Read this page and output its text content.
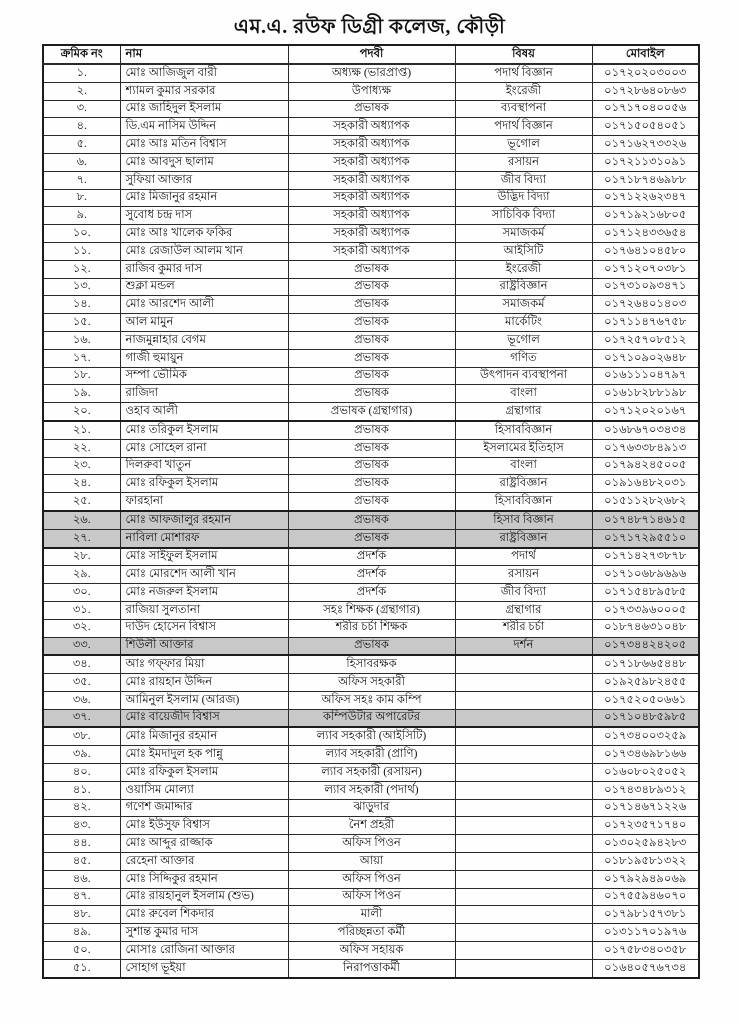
এম.এ. রউফ ডিগ্রী কলেজ, কৌড়ী
ক্রমিক নং	নাম	পদবী	বিষয়	মোবাইল
১.	মোঃ আজিজুল বারী	অধ্যক্ষ (ভারপ্রাপ্ত)	পদার্থ বিজ্ঞান	০১৭২০২০৩০০৩
২.	শ্যামল কুমার সরকার	উপাধ্যক্ষ	ইংরেজী	০১৭২৮৬৪০৮৬৩
৩.	মোঃ জাহিদুল ইসলাম	প্রভাষক	ব্যবস্থাপনা	০১৭১৭০৪০০৫৬
৪.	ডি.এম নাসিম উদ্দিন	সহকারী অধ্যাপক	পদার্থ বিজ্ঞান	০১৭১৫০৫৪০৫১
৫.	মোঃ আঃ মতিন বিশ্বাস	সহকারী অধ্যাপক	ভূগোল	০১৭১৬২৭৩৩২৬
৬.	মোঃ আবদুস ছালাম	সহকারী অধ্যাপক	রসায়ন	০১৭২১১৩১০৯১
৭.	সুফিয়া আক্তার	সহকারী অধ্যাপক	জীব বিদ্যা	০১৭১৮৭৪৬৯৮৮
৮.	মোঃ মিজানুর রহমান	সহকারী অধ্যাপক	উদ্ভিদ বিদ্যা	০১৭১২২৬২৩৪৭
৯.	সুবোধ চন্দ্র দাস	সহকারী অধ্যাপক	সাচিবিক বিদ্যা	০১৭১৯২১৬৮০৫
১০.	মোঃ আঃ খালেক ফকির	সহকারী অধ্যাপক	সমাজকর্ম	০১৭১২৪৩৩৬৫৪
১১.	মোঃ রেজাউল আলম খান	সহকারী অধ্যাপক	আইসিটি	০১৭৬৪১০৪৫৮০
১২.	রাজিব কুমার দাস	প্রভাষক	ইংরেজী	০১৭১২০৭০৩৮১
১৩.	শুক্লা মন্ডল	প্রভাষক	রাষ্ট্রবিজ্ঞান	০১৭৩১০৯৩৪৭১
১৪.	মোঃ আরশেদ আলী	প্রভাষক	সমাজকর্ম	০১৭২৬৪০১৪০৩
১৫.	আল মামুন	প্রভাষক	মার্কেটিং	০১৭১১৪৭৬৭৫৮
১৬.	নাজমুন্নাহার বেগম	প্রভাষক	ভূগোল	০১৭২৫৭০৮৫১২
১৭.	গাজী হুমায়ুন	প্রভাষক	গণিত	০১৭১০৯০২৬৪৮
১৮.	সম্পা ভৌমিক	প্রভাষক	উৎপাদন ব্যবস্থাপনা	০১৬১১১০৪৭৯৭
১৯.	রাজিদা	প্রভাষক	বাংলা	০১৬১৮২৮৮১৯৮
২০.	ওহাব আলী	প্রভাষক (গ্রন্থাগার)	গ্রন্থাগার	০১৭১২০২০১৬৭
২১.	মোঃ তরিকুল ইসলাম	প্রভাষক	হিসাববিজ্ঞান	০১৬৮৬৭০৩৪৩৪
২২.	মোঃ সোহেল রানা	প্রভাষক	ইসলামের ইতিহাস	০১৭৬৩৩৮৪৯১৩
২৩.	দিলরুবা খাতুন	প্রভাষক	বাংলা	০১৭৯৪২৪৫০০৫
২৪.	মোঃ রফিকুল ইসলাম	প্রভাষক	রাষ্ট্রবিজ্ঞান	০১৯১৬৪৮২০৩১
২৫.	ফারহানা	প্রভাষক	হিসাববিজ্ঞান	০১৫১১২৮২৬৮২
২৬.	মোঃ আফজালুর রহমান	প্রভাষক	হিসাব বিজ্ঞান	০১৭৪৮৭১৪৬১৫
২৭.	নাবিলা মোশারফ	প্রভাষক	রাষ্ট্রবিজ্ঞান	০১৭১৭২৯৫৫১০
২৮.	মোঃ সাইফুল ইসলাম	প্রদর্শক	পদার্থ	০১৭১৪২৭৩৮৭৮
২৯.	মোঃ মোরশেদ আলী খান	প্রদর্শক	রসায়ন	০১৭১০৬৮৯৬৯৬
৩০.	মোঃ নজরুল ইসলাম	প্রদর্শক	জীব বিদ্যা	০১৭১৫৪৮৯৫৮৫
৩১.	রাজিয়া সুলতানা	সহঃ শিক্ষক (গ্রন্থাগার)	গ্রন্থাগার	০১৭৩৩৯৬০০০৫
৩২.	দাউদ হোসেন বিশ্বাস	শরীর চর্চা শিক্ষক	শরীর চর্চা	০১৮৭৪৬৩১০৪৮
৩৩.	শিউলী আক্তার	প্রভাষক	দর্শন	০১৭৩৪৪২৪২০৫
৩৪.	আঃ গফ্ফার মিয়া	হিসাবরক্ষক		০১৭১৮৬৬৫৪৪৮
৩৫.	মোঃ রায়হান উদ্দিন	অফিস সহকারী		০১৯২৫৯৮২৪৫৫
৩৬.	আমিনুল ইসলাম (আরজ)	অফিস সহঃ কাম কম্পি		০১৭৫২০৫০৬৬১
৩৭.	মোঃ বায়েজীদ বিশ্বাস	কম্পিউটার অপারেটর		০১৭১০৪৮৫৯৮৫
৩৮.	মোঃ মিজানুর রহমান	ল্যাব সহকারী (আইসিটি)		০১৭৩৪০০৩২৫৯
৩৯.	মোঃ ইমদাদুল হক পান্নু	ল্যাব সহকারী (প্রাণি)		০১৭৩৪৬৯৮১৬৬
৪০.	মোঃ রফিকুল ইসলাম	ল্যাব সহকারী (রসায়ন)		০১৬০৮০২৫০৫২
৪১.	ওয়াসিম মোল্যা	ল্যাব সহকারী (পদার্থ)		০১৭৪৩৪৮৯৩১২
৪২.	গণেশ জমাদ্দার	ঝাড়ুদার		০১৭১৪৬৭১২২৬
৪৩.	মোঃ ইউসুফ বিশ্বাস	নৈশ প্রহরী		০১৭২৩৫৭১৭৪০
৪৪.	মোঃ আব্দুর রাজ্জাক	অফিস পিওন		০১৩০২৫৯৪২৮৩
৪৫.	রেহেনা আক্তার	আয়া		০১৮১৯৫৮১৩২২
৪৬.	মোঃ সিদ্দিকুর রহমান	অফিস পিওন		০১৭৯২৯৪৯০৬৯
৪৭.	মোঃ রায়হানুল ইসলাম (শুভ)	অফিস পিওন		০১৭৫৫৯৪৬০৭০
৪৮.	মোঃ রুবেল শিকদার	মালী		০১৭৯৮১৫৭৩৮১
৪৯.	সুশান্ত কুমার দাস	পরিচ্ছন্নতা কর্মী		০১৩১১৭০১৯৭৬
৫০.	মোসাঃ রোজিনা আক্তার	অফিস সহায়ক		০১৭৫৮৩৪০৩৫৮
৫১.	সোহাগ ভূইয়া	নিরাপত্তাকর্মী		০১৬৪০৫৭৬৭৩৪
